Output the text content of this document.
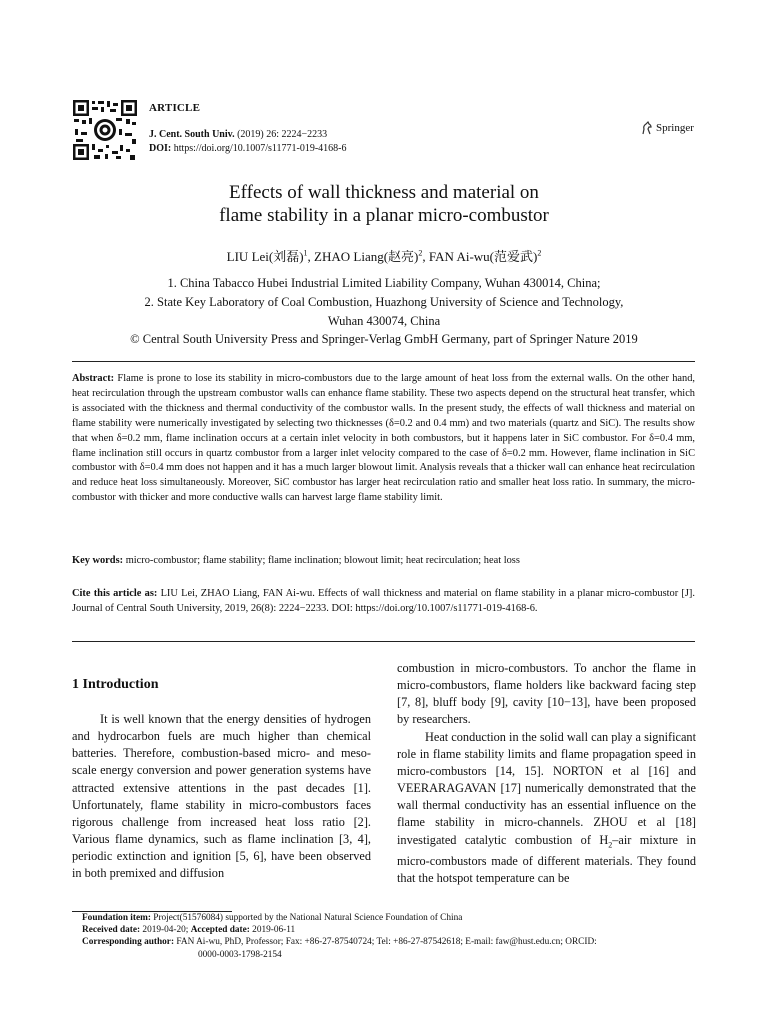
ARTICLE
J. Cent. South Univ. (2019) 26: 2224−2233
DOI: https://doi.org/10.1007/s11771-019-4168-6
Springer
Effects of wall thickness and material on
flame stability in a planar micro-combustor
LIU Lei(刘磊)$^1$, ZHAO Liang(赵亮)$^2$, FAN Ai-wu(范爱武)$^2$
1. China Tabacco Hubei Industrial Limited Liability Company, Wuhan 430014, China;
2. State Key Laboratory of Coal Combustion, Huazhong University of Science and Technology,
Wuhan 430074, China
© Central South University Press and Springer-Verlag GmbH Germany, part of Springer Nature 2019
Abstract: Flame is prone to lose its stability in micro-combustors due to the large amount of heat loss from the external walls. On the other hand, heat recirculation through the upstream combustor walls can enhance flame stability. These two aspects depend on the structural heat transfer, which is associated with the thickness and thermal conductivity of the combustor walls. In the present study, the effects of wall thickness and material on flame stability were numerically investigated by selecting two thicknesses (δ=0.2 and 0.4 mm) and two materials (quartz and SiC). The results show that when δ=0.2 mm, flame inclination occurs at a certain inlet velocity in both combustors, but it happens later in SiC combustor. For δ=0.4 mm, flame inclination still occurs in quartz combustor from a larger inlet velocity compared to the case of δ=0.2 mm. However, flame inclination in SiC combustor with δ=0.4 mm does not happen and it has a much larger blowout limit. Analysis reveals that a thicker wall can enhance heat recirculation and reduce heat loss simultaneously. Moreover, SiC combustor has larger heat recirculation ratio and smaller heat loss ratio. In summary, the micro-combustor with thicker and more conductive walls can harvest large flame stability limit.
Key words: micro-combustor; flame stability; flame inclination; blowout limit; heat recirculation; heat loss
Cite this article as: LIU Lei, ZHAO Liang, FAN Ai-wu. Effects of wall thickness and material on flame stability in a planar micro-combustor [J]. Journal of Central South University, 2019, 26(8): 2224−2233. DOI: https://doi.org/10.1007/s11771-019-4168-6.
1 Introduction

It is well known that the energy densities of hydrogen and hydrocarbon fuels are much higher than chemical batteries. Therefore, combustion-based micro- and meso-scale energy conversion and power generation systems have attracted extensive attentions in the past decades [1]. Unfortunately, flame stability in micro-combustors faces rigorous challenge from increased heat loss ratio [2]. Various flame dynamics, such as flame inclination [3, 4], periodic extinction and ignition [5, 6], have been observed in both premixed and diffusion

combustion in micro-combustors. To anchor the flame in micro-combustors, flame holders like backward facing step [7, 8], bluff body [9], cavity [10−13], have been proposed by researchers.

Heat conduction in the solid wall can play a significant role in flame stability limits and flame propagation speed in micro-combustors [14, 15]. NORTON et al [16] and VEERARAGAVAN [17] numerically demonstrated that the wall thermal conductivity has an essential influence on the flame stability in micro-channels. ZHOU et al [18] investigated catalytic combustion of $H_2$–air mixture in micro-combustors made of different materials. They found that the hotspot temperature can be

Foundation item: Project(51576084) supported by the National Natural Science Foundation of China
Received date: 2019-04-20; Accepted date: 2019-06-11
Corresponding author: FAN Ai-wu, PhD, Professor; Fax: +86-27-87540724; Tel: +86-27-87542618; E-mail: faw@hust.edu.cn; ORCID:
0000-0003-1798-2154
